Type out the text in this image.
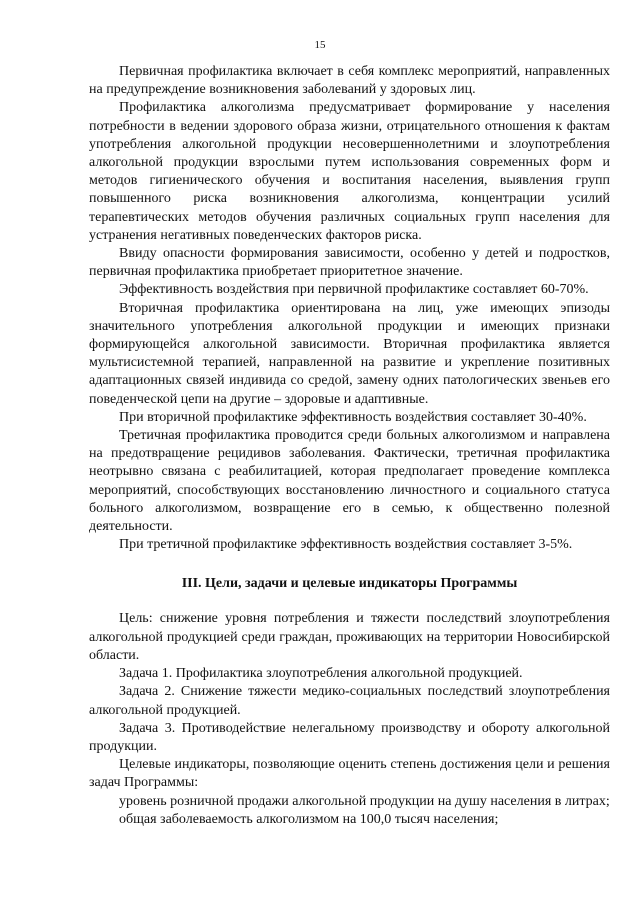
15

Первичная профилактика включает в себя комплекс мероприятий, направленных на предупреждение возникновения заболеваний у здоровых лиц.

Профилактика алкоголизма предусматривает формирование у населения потребности в ведении здорового образа жизни, отрицательного отношения к фактам употребления алкогольной продукции несовершеннолетними и злоупотребления алкогольной продукции взрослыми путем использования современных форм и методов гигиенического обучения и воспитания населения, выявления групп повышенного риска возникновения алкоголизма, концентрации усилий терапевтических методов обучения различных социальных групп населения для устранения негативных поведенческих факторов риска.

Ввиду опасности формирования зависимости, особенно у детей и подростков, первичная профилактика приобретает приоритетное значение.

Эффективность воздействия при первичной профилактике составляет 60-70%.

Вторичная профилактика ориентирована на лиц, уже имеющих эпизоды значительного употребления алкогольной продукции и имеющих признаки формирующейся алкогольной зависимости. Вторичная профилактика является мультисистемной терапией, направленной на развитие и укрепление позитивных адаптационных связей индивида со средой, замену одних патологических звеньев его поведенческой цепи на другие – здоровые и адаптивные.

При вторичной профилактике эффективность воздействия составляет 30-40%.

Третичная профилактика проводится среди больных алкоголизмом и направлена на предотвращение рецидивов заболевания. Фактически, третичная профилактика неотрывно связана с реабилитацией, которая предполагает проведение комплекса мероприятий, способствующих восстановлению личностного и социального статуса больного алкоголизмом, возвращение его в семью, к общественно полезной деятельности.

При третичной профилактике эффективность воздействия составляет 3-5%.

III. Цели, задачи и целевые индикаторы Программы

Цель: снижение уровня потребления и тяжести последствий злоупотребления алкогольной продукцией среди граждан, проживающих на территории Новосибирской области.

Задача 1. Профилактика злоупотребления алкогольной продукцией.

Задача 2. Снижение тяжести медико-социальных последствий злоупотребления алкогольной продукцией.

Задача 3. Противодействие нелегальному производству и обороту алкогольной продукции.

Целевые индикаторы, позволяющие оценить степень достижения цели и решения задач Программы:

уровень розничной продажи алкогольной продукции на душу населения в литрах;

общая заболеваемость алкоголизмом на 100,0 тысяч населения;
